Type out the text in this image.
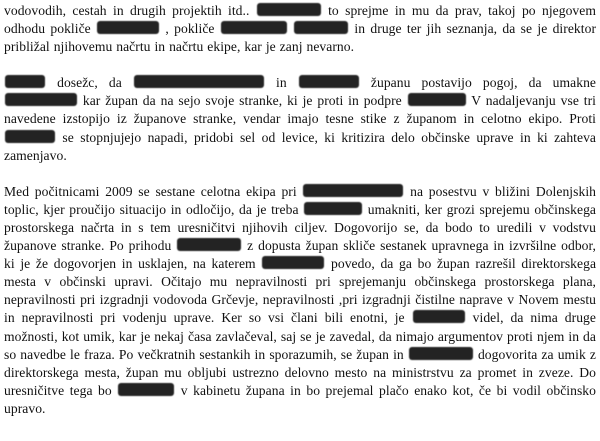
vodovodih, cestah in drugih projektih itd..	to sprejme in mu da prav, takoj po njegovem odhodu pokliče	, pokliče	in druge ter jih seznanja, da se je direktor približal njihovemu načrtu in načrtu ekipe, kar je zanj nevarno.

dosežc, da	in	županu postavijo pogoj, da umakne  kar župan da na sejo svoje stranke, ki je proti in podpre	V nadaljevanju vse tri navedene izstopijo iz županove stranke, vendar imajo tesne stike z županom in celotno ekipo. Proti  se stopnjujejo napadi, pridobi sel od levice, ki kritizira delo občinske uprave in ki zahteva zamenjavo.

Med počitnicami 2009 se sestane celotna ekipa pri	na posestvu v bližini Dolenjskih toplic, kjer proučijo situacijo in odločijo, da je treba	umakniti, ker grozi sprejemu občinskega prostorskega načrta in s tem uresničitvi njihovih ciljev. Dogovorijo se, da bodo to uredili v vodstvu županove stranke. Po prihodu	z dopusta župan skliče sestanek upravnega in izvršilne odbor, ki je že dogovorjen in usklajen, na katerem	povedo, da ga bo župan razrešil direktorskega mesta v občinski upravi. Očitajo mu nepravilnosti pri sprejemanju občinskega prostorskega plana, nepravilnosti pri izgradnji vodovoda Grčevje, nepravilnosti ,pri izgradnji čistilne naprave v Novem mestu in nepravilnosti pri vodenju uprave. Ker so vsi člani bili enotni, je	videl, da nima druge možnosti, kot umik, kar je nekaj časa zavlačeval, saj se je zavedal, da nimajo argumentov proti njem in da so navedbe le fraza. Po večkratnih sestankih in sporazumih, se župan in	dogovorita za umik z direktorskega mesta, župan mu obljubi ustrezno delovno mesto na ministrstvu za promet in zveze. Do uresničitve tega bo	v kabinetu župana in bo prejemal plačo enako kot, če bi vodil občinsko upravo.
